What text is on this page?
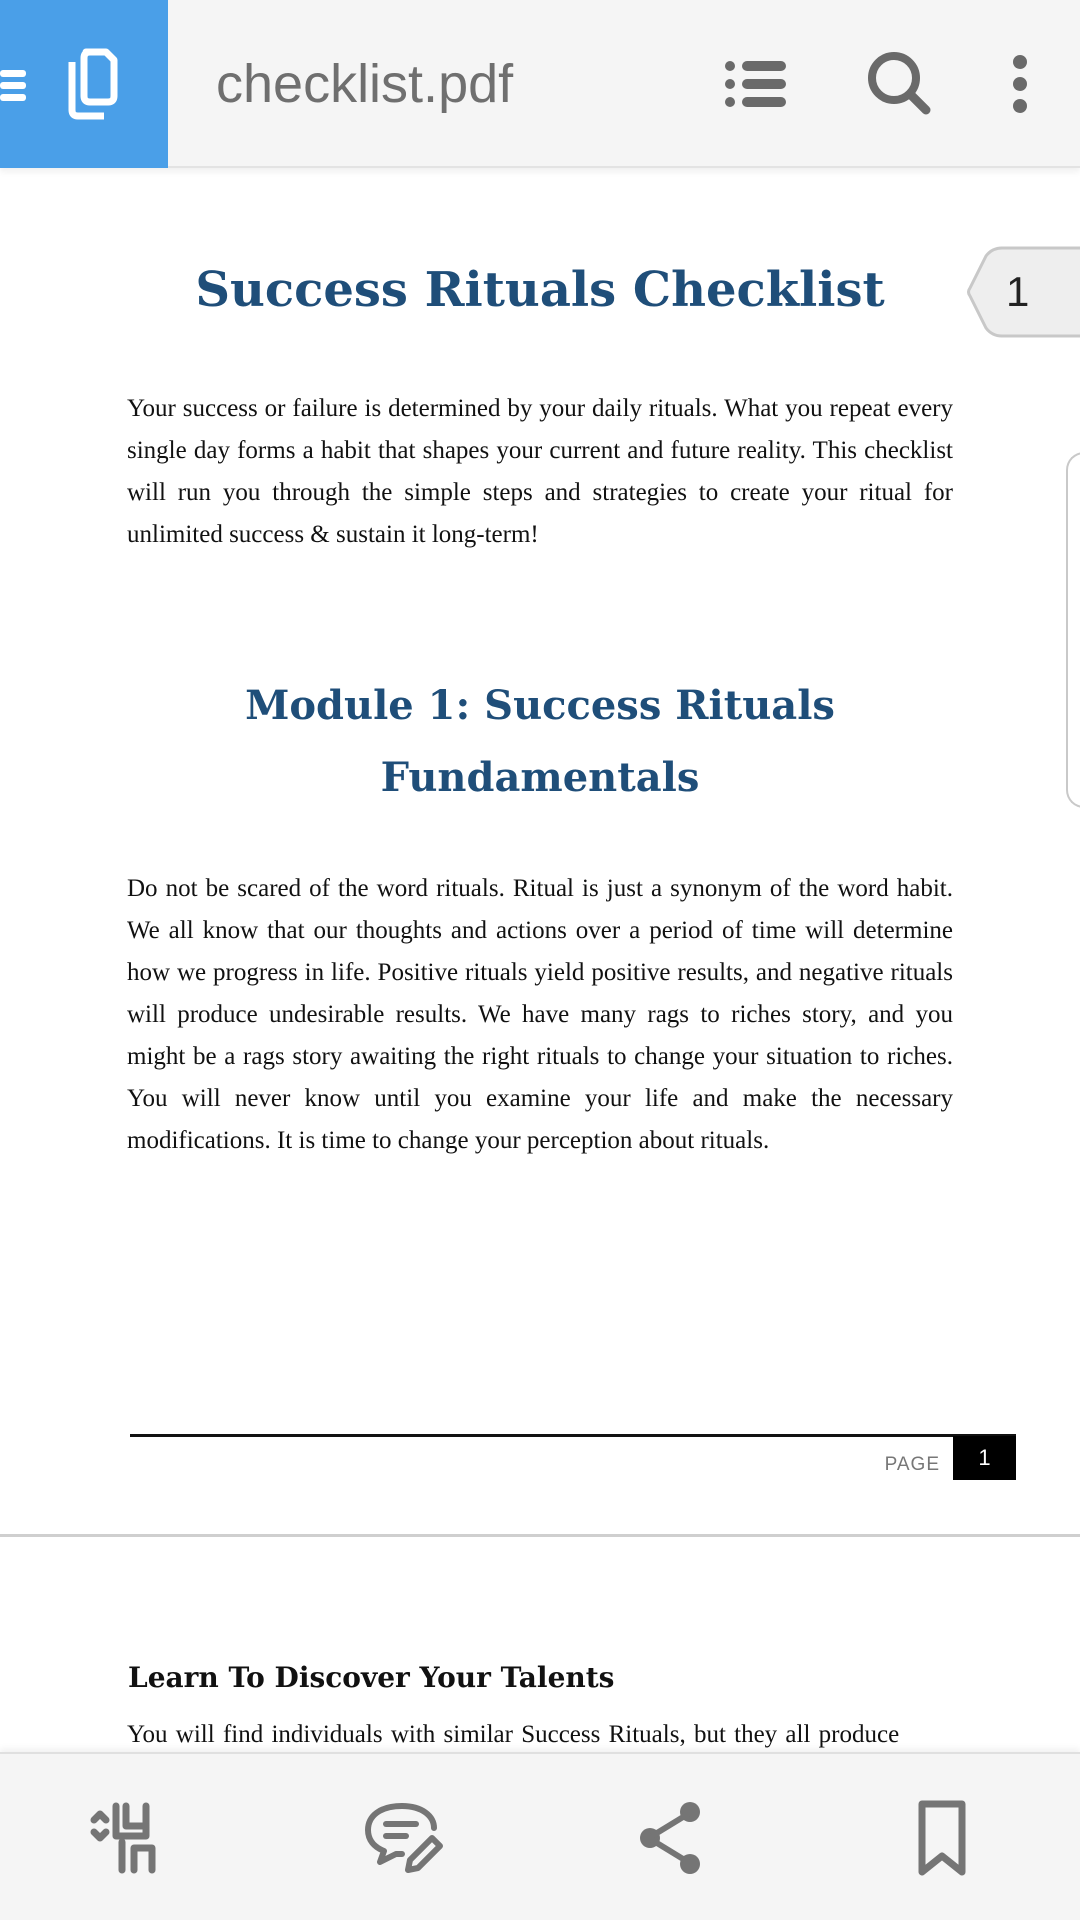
checklist.pdf
1
Success Rituals Checklist
Your success or failure is determined by your daily rituals. What you repeat every single day forms a habit that shapes your current and future reality. This checklist will run you through the simple steps and strategies to create your ritual for unlimited success & sustain it long-term!
Module 1: Success Rituals
Fundamentals
Do not be scared of the word rituals. Ritual is just a synonym of the word habit. We all know that our thoughts and actions over a period of time will determine how we progress in life. Positive rituals yield positive results, and negative rituals will produce undesirable results. We have many rags to riches story, and you might be a rags story awaiting the right rituals to change your situation to riches. You will never know until you examine your life and make the necessary modifications. It is time to change your perception about rituals.
PAGE	1
Learn To Discover Your Talents
You will find individuals with similar Success Rituals, but they all produce
